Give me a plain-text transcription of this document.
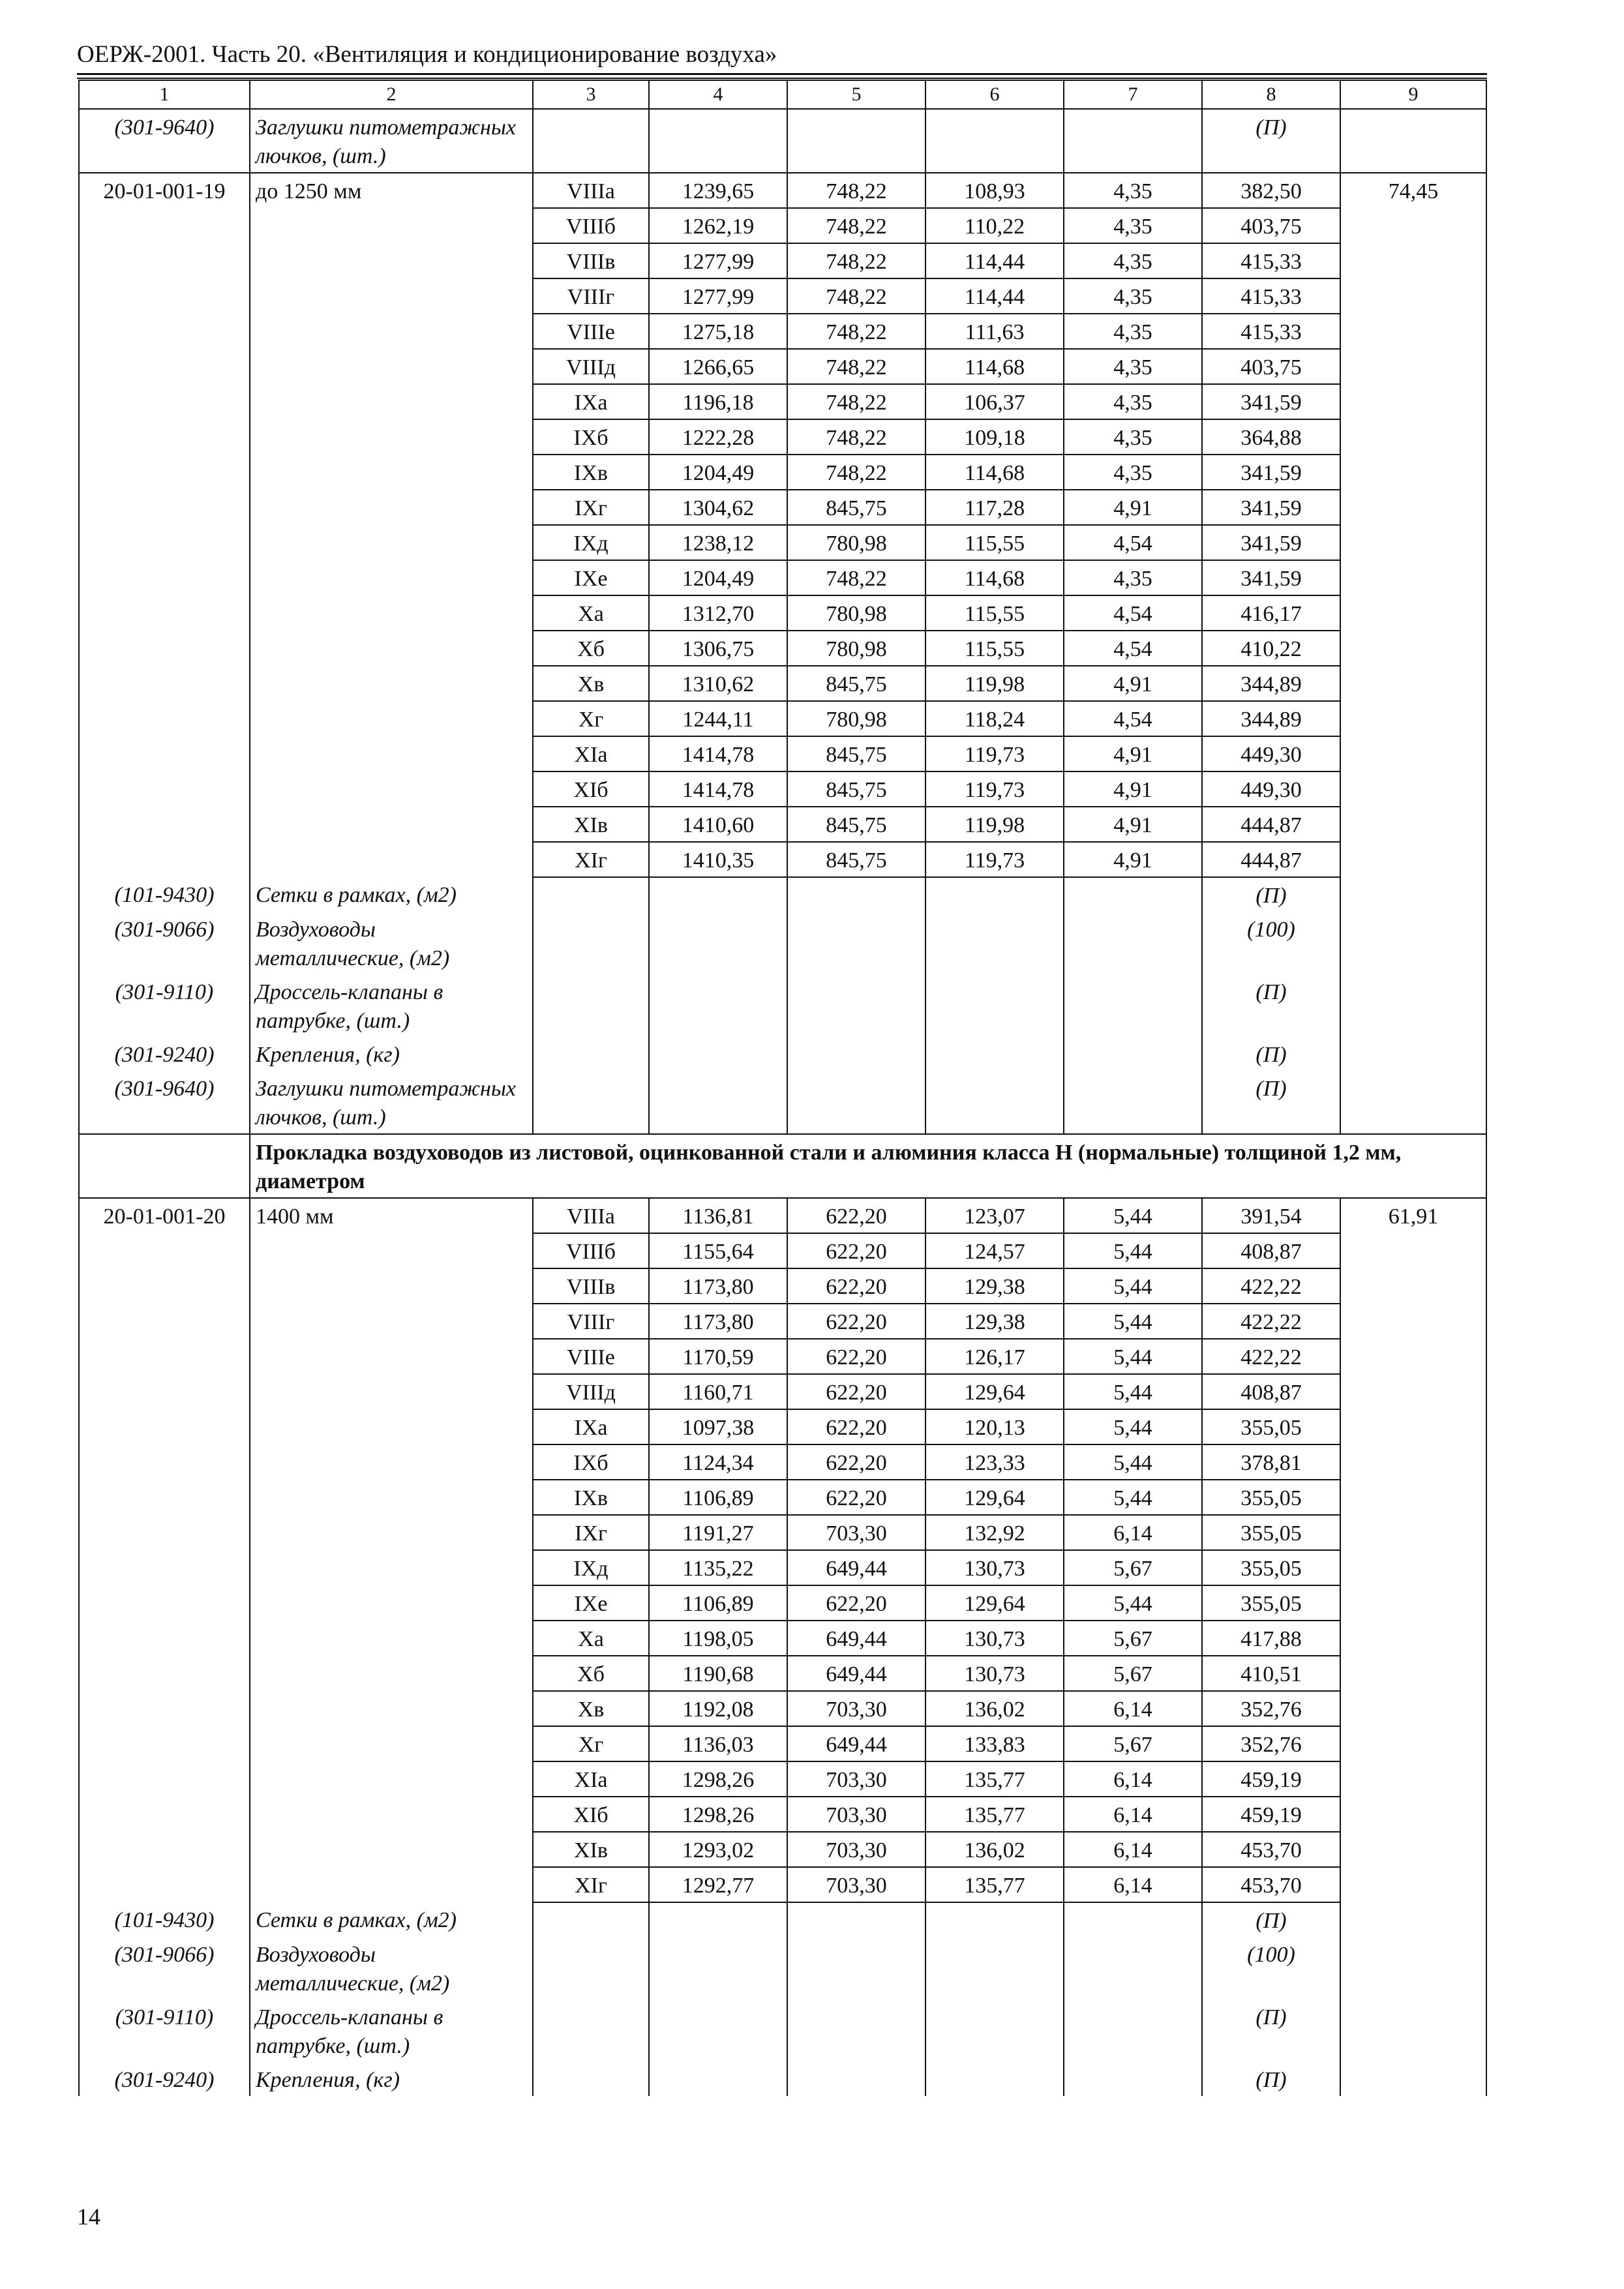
ОЕРЖ-2001. Часть 20. «Вентиляция и кондиционирование воздуха»
1	2	3	4	5	6	7	8	9
(301-9640)	Заглушки питометражных лючков, (шт.)						(П)	
20-01-001-19	до 1250 мм	VIIIа	1239,65	748,22	108,93	4,35	382,50	74,45
		VIIIб	1262,19	748,22	110,22	4,35	403,75	
		VIIIв	1277,99	748,22	114,44	4,35	415,33	
		VIIIг	1277,99	748,22	114,44	4,35	415,33	
		VIIIе	1275,18	748,22	111,63	4,35	415,33	
		VIIIд	1266,65	748,22	114,68	4,35	403,75	
		IXа	1196,18	748,22	106,37	4,35	341,59	
		IXб	1222,28	748,22	109,18	4,35	364,88	
		IXв	1204,49	748,22	114,68	4,35	341,59	
		IXг	1304,62	845,75	117,28	4,91	341,59	
		IXд	1238,12	780,98	115,55	4,54	341,59	
		IXе	1204,49	748,22	114,68	4,35	341,59	
		Xа	1312,70	780,98	115,55	4,54	416,17	
		Xб	1306,75	780,98	115,55	4,54	410,22	
		Xв	1310,62	845,75	119,98	4,91	344,89	
		Xг	1244,11	780,98	118,24	4,54	344,89	
		XIа	1414,78	845,75	119,73	4,91	449,30	
		XIб	1414,78	845,75	119,73	4,91	449,30	
		XIв	1410,60	845,75	119,98	4,91	444,87	
		XIг	1410,35	845,75	119,73	4,91	444,87	
(101-9430)	Сетки в рамках, (м2)						(П)	
(301-9066)	Воздуховоды металлические, (м2)						(100)	
(301-9110)	Дроссель-клапаны в патрубке, (шт.)						(П)	
(301-9240)	Крепления, (кг)						(П)	
(301-9640)	Заглушки питометражных лючков, (шт.)						(П)	
	Прокладка воздуховодов из листовой, оцинкованной стали и алюминия класса Н (нормальные) толщиной 1,2 мм, диаметром							
20-01-001-20	1400 мм	VIIIа	1136,81	622,20	123,07	5,44	391,54	61,91
		VIIIб	1155,64	622,20	124,57	5,44	408,87	
		VIIIв	1173,80	622,20	129,38	5,44	422,22	
		VIIIг	1173,80	622,20	129,38	5,44	422,22	
		VIIIе	1170,59	622,20	126,17	5,44	422,22	
		VIIIд	1160,71	622,20	129,64	5,44	408,87	
		IXа	1097,38	622,20	120,13	5,44	355,05	
		IXб	1124,34	622,20	123,33	5,44	378,81	
		IXв	1106,89	622,20	129,64	5,44	355,05	
		IXг	1191,27	703,30	132,92	6,14	355,05	
		IXд	1135,22	649,44	130,73	5,67	355,05	
		IXе	1106,89	622,20	129,64	5,44	355,05	
		Xа	1198,05	649,44	130,73	5,67	417,88	
		Xб	1190,68	649,44	130,73	5,67	410,51	
		Xв	1192,08	703,30	136,02	6,14	352,76	
		Xг	1136,03	649,44	133,83	5,67	352,76	
		XIа	1298,26	703,30	135,77	6,14	459,19	
		XIб	1298,26	703,30	135,77	6,14	459,19	
		XIв	1293,02	703,30	136,02	6,14	453,70	
		XIг	1292,77	703,30	135,77	6,14	453,70	
(101-9430)	Сетки в рамках, (м2)						(П)	
(301-9066)	Воздуховоды металлические, (м2)						(100)	
(301-9110)	Дроссель-клапаны в патрубке, (шт.)						(П)	
(301-9240)	Крепления, (кг)						(П)	
14
